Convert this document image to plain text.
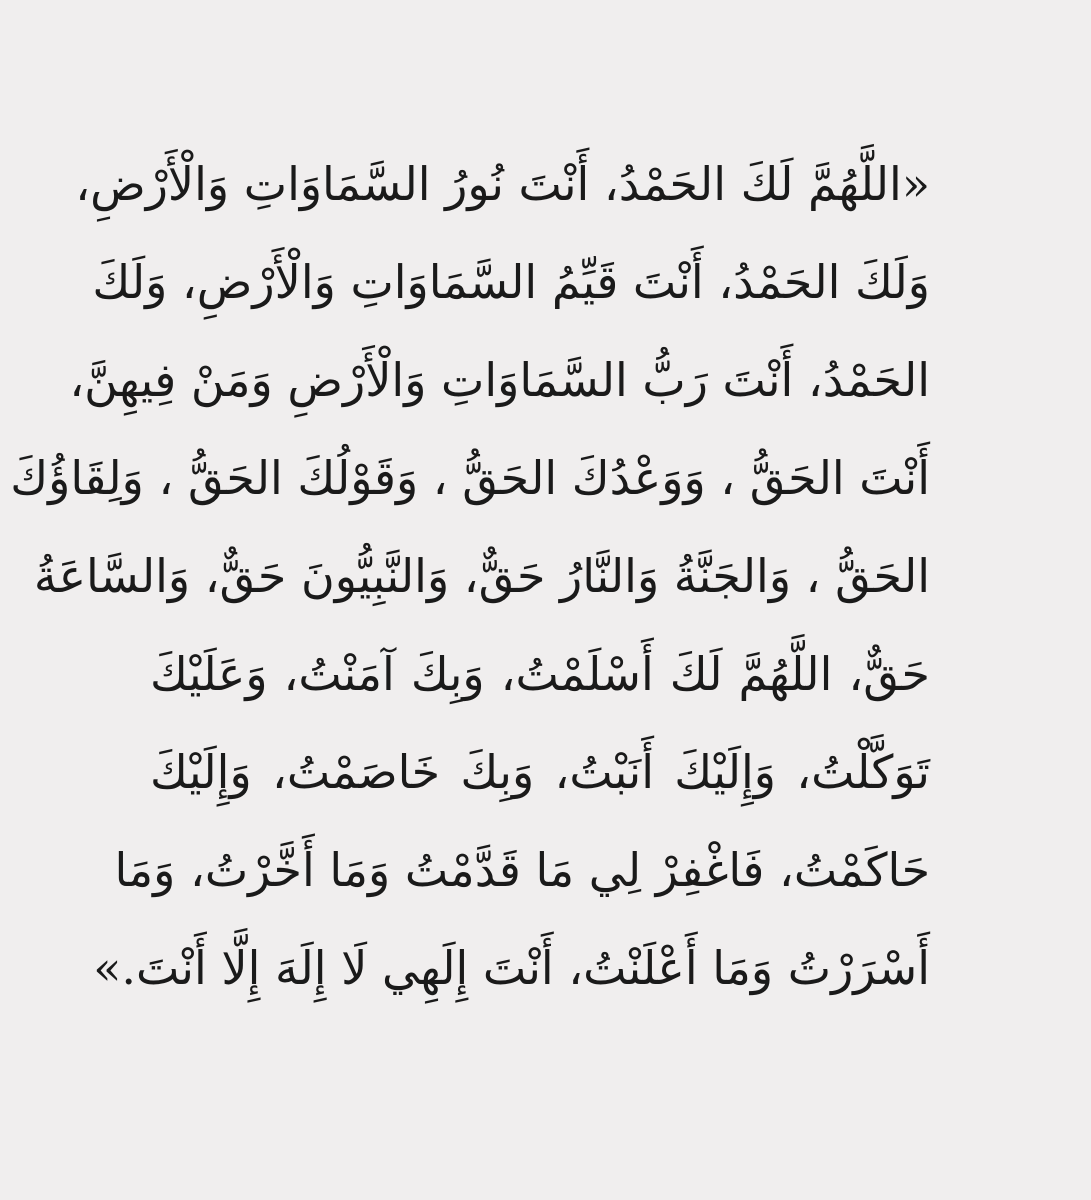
«اللَّهُمَّ لَكَ الحَمْدُ، أَنْتَ نُورُ السَّمَاوَاتِ وَالْأَرْضِ،
وَلَكَ الحَمْدُ، أَنْتَ قَيِّمُ السَّمَاوَاتِ وَالْأَرْضِ، وَلَكَ
الحَمْدُ، أَنْتَ رَبُّ السَّمَاوَاتِ وَالْأَرْضِ وَمَنْ فِيهِنَّ،
أَنْتَ الحَقُّ ، وَوَعْدُكَ الحَقُّ ، وَقَوْلُكَ الحَقُّ ، وَلِقَاؤُكَ
الحَقُّ ، وَالجَنَّةُ وَالنَّارُ حَقٌّ، وَالنَّبِيُّونَ حَقٌّ، وَالسَّاعَةُ
حَقٌّ، اللَّهُمَّ لَكَ أَسْلَمْتُ، وَبِكَ آمَنْتُ، وَعَلَيْكَ
تَوَكَّلْتُ، وَإِلَيْكَ أَنَبْتُ، وَبِكَ خَاصَمْتُ، وَإِلَيْكَ
حَاكَمْتُ، فَاغْفِرْ لِي مَا قَدَّمْتُ وَمَا أَخَّرْتُ، وَمَا
أَسْرَرْتُ وَمَا أَعْلَنْتُ، أَنْتَ إِلَهِي لَا إِلَهَ إِلَّا أَنْتَ.»
